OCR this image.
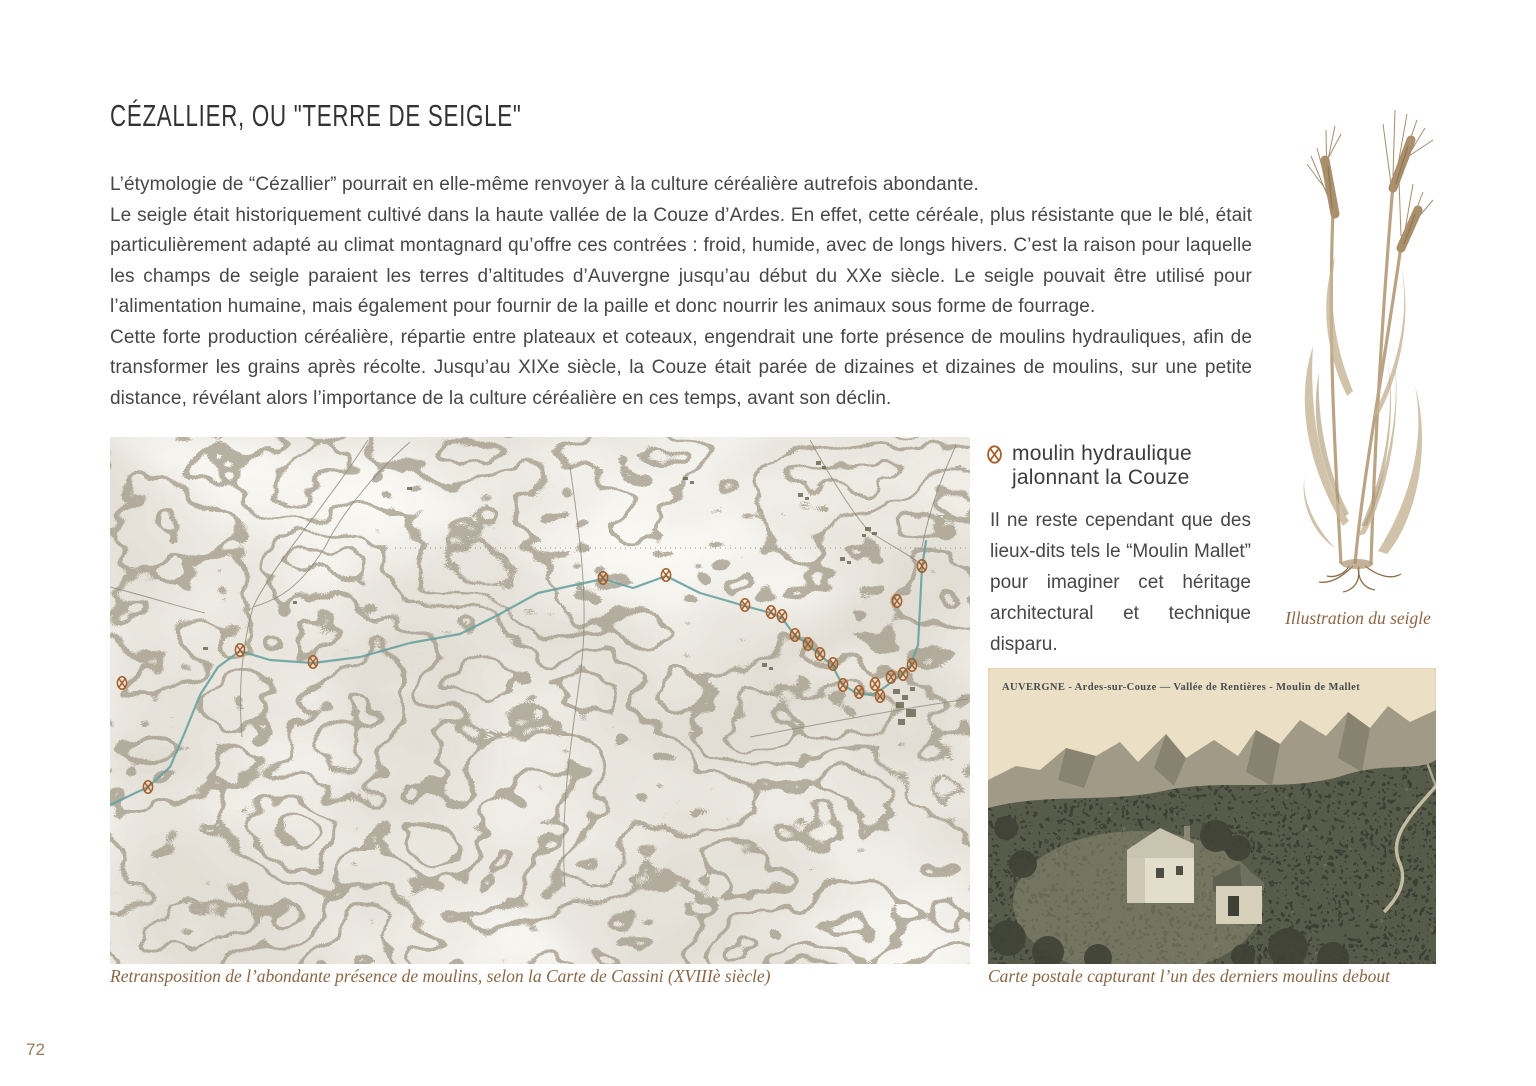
CÉZALLIER, OU "TERRE DE SEIGLE"

L’étymologie de “Cézallier” pourrait en elle-même renvoyer à la culture céréalière autrefois abondante.

Le seigle était historiquement cultivé dans la haute vallée de la Couze d’Ardes. En effet, cette céréale, plus résistante que le blé, était particulièrement adapté au climat montagnard qu’offre ces contrées : froid, humide, avec de longs hivers. C’est la raison pour laquelle les champs de seigle paraient les terres d’altitudes d’Auvergne jusqu’au début du XXe siècle. Le seigle pouvait être utilisé pour l’alimentation humaine, mais également pour fournir de la paille et donc nourrir les animaux sous forme de fourrage.

Cette forte production céréalière, répartie entre plateaux et coteaux, engendrait une forte présence de moulins hydrauliques, afin de transformer les grains après récolte. Jusqu’au XIXe siècle, la Couze était parée de dizaines et dizaines de moulins, sur une petite distance, révélant alors l’importance de la culture céréalière en ces temps, avant son déclin.

moulin hydraulique
jalonnant la Couze
Il ne reste cependant que des lieux-dits tels le “Moulin Mallet” pour imaginer cet héritage architectural et technique disparu.
Illustration du seigle
AUVERGNE - Ardes-sur-Couze — Vallée de Rentières - Moulin de Mallet
Retransposition de l’abondante présence de moulins, selon la Carte de Cassini (XVIIIè siècle)	Carte postale capturant l’un des derniers moulins debout
72
